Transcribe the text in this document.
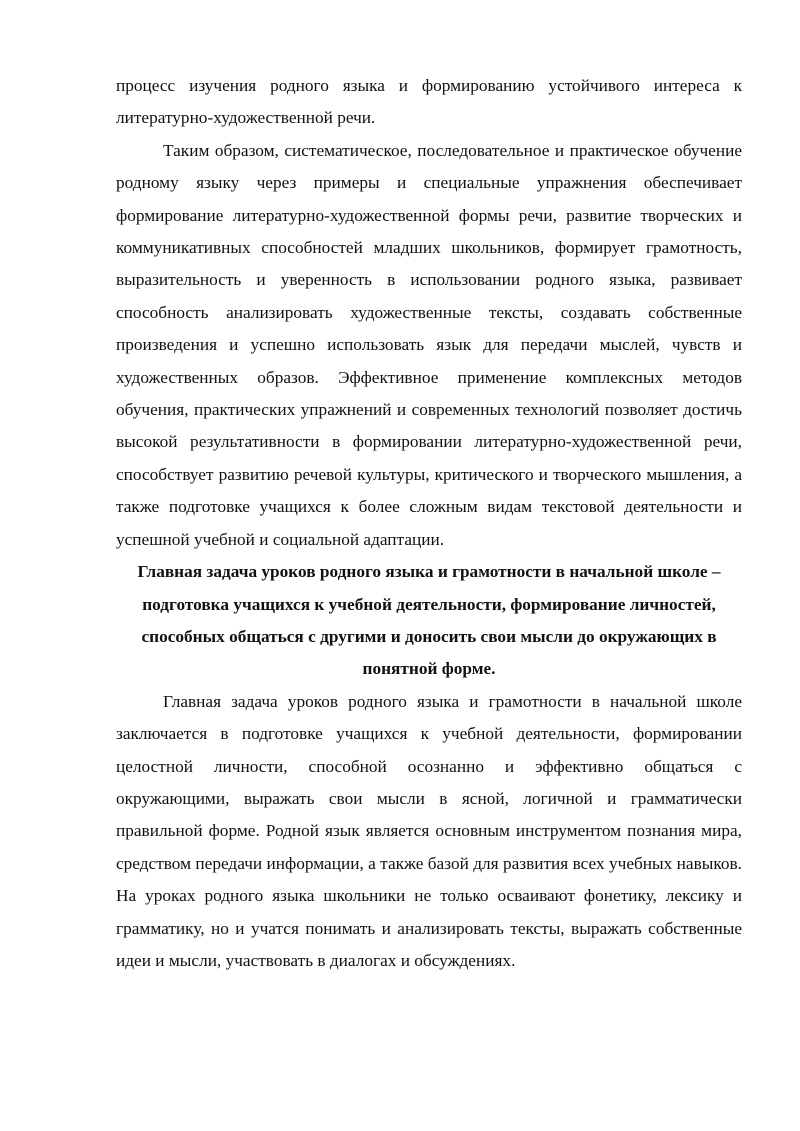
процесс изучения родного языка и формированию устойчивого интереса к литературно-художественной речи.

Таким образом, систематическое, последовательное и практическое обучение родному языку через примеры и специальные упражнения обеспечивает формирование литературно-художественной формы речи, развитие творческих и коммуникативных способностей младших школьников, формирует грамотность, выразительность и уверенность в использовании родного языка, развивает способность анализировать художественные тексты, создавать собственные произведения и успешно использовать язык для передачи мыслей, чувств и художественных образов. Эффективное применение комплексных методов обучения, практических упражнений и современных технологий позволяет достичь высокой результативности в формировании литературно-художественной речи, способствует развитию речевой культуры, критического и творческого мышления, а также подготовке учащихся к более сложным видам текстовой деятельности и успешной учебной и социальной адаптации.

Главная задача уроков родного языка и грамотности в начальной школе – подготовка учащихся к учебной деятельности, формирование личностей, способных общаться с другими и доносить свои мысли до окружающих в понятной форме.

Главная задача уроков родного языка и грамотности в начальной школе заключается в подготовке учащихся к учебной деятельности, формировании целостной личности, способной осознанно и эффективно общаться с окружающими, выражать свои мысли в ясной, логичной и грамматически правильной форме. Родной язык является основным инструментом познания мира, средством передачи информации, а также базой для развития всех учебных навыков. На уроках родного языка школьники не только осваивают фонетику, лексику и грамматику, но и учатся понимать и анализировать тексты, выражать собственные идеи и мысли, участвовать в диалогах и обсуждениях.
